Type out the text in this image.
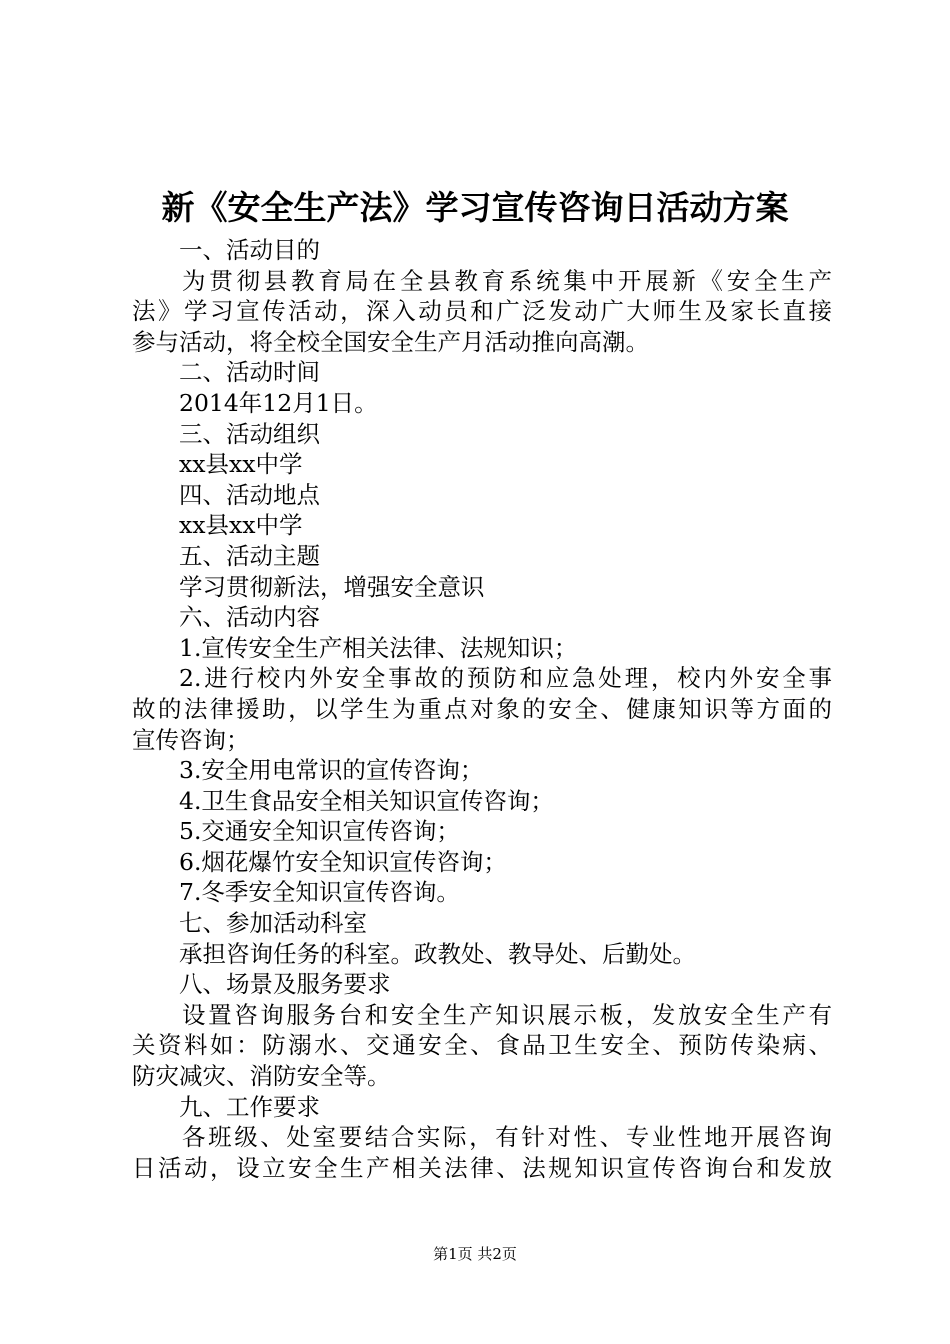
新《安全生产法》学习宣传咨询日活动方案
一、活动目的
为贯彻县教育局在全县教育系统集中开展新《安全生产
法》学习宣传活动，深入动员和广泛发动广大师生及家长直接
参与活动，将全校全国安全生产月活动推向高潮。
二、活动时间
2014年12月1日。
三、活动组织
xx县xx中学
四、活动地点
xx县xx中学
五、活动主题
学习贯彻新法，增强安全意识
六、活动内容
1.宣传安全生产相关法律、法规知识；
2.进行校内外安全事故的预防和应急处理，校内外安全事
故的法律援助，以学生为重点对象的安全、健康知识等方面的
宣传咨询；
3.安全用电常识的宣传咨询；
4.卫生食品安全相关知识宣传咨询；
5.交通安全知识宣传咨询；
6.烟花爆竹安全知识宣传咨询；
7.冬季安全知识宣传咨询。
七、参加活动科室
承担咨询任务的科室。政教处、教导处、后勤处。
八、场景及服务要求
设置咨询服务台和安全生产知识展示板，发放安全生产有
关资料如：防溺水、交通安全、食品卫生安全、预防传染病、
防灾减灾、消防安全等。
九、工作要求
各班级、处室要结合实际，有针对性、专业性地开展咨询
日活动，设立安全生产相关法律、法规知识宣传咨询台和发放
第1页 共2页
